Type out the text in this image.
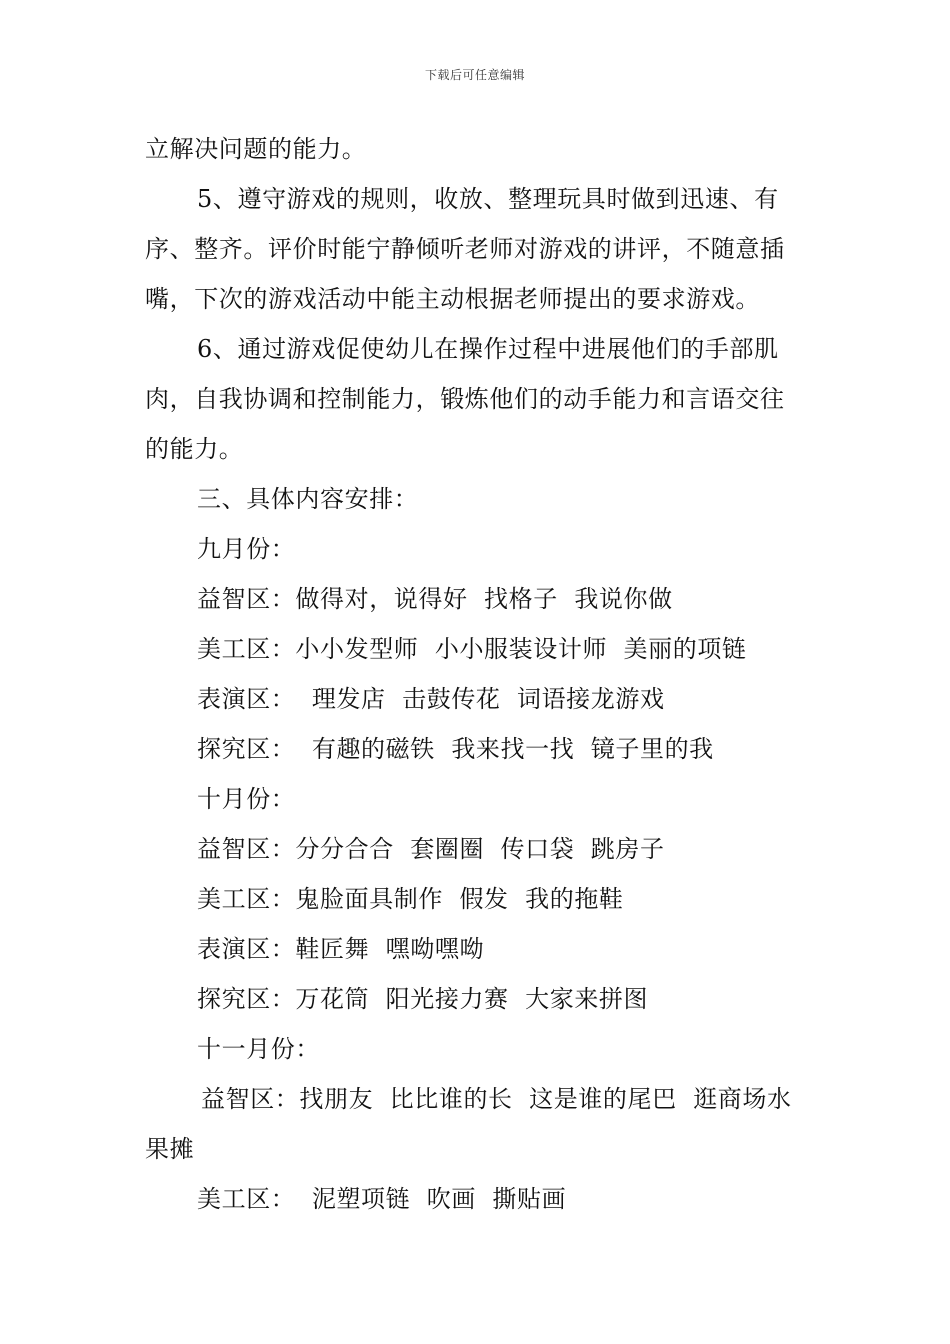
下载后可任意编辑

立解决问题的能力。

5、遵守游戏的规则，收放、整理玩具时做到迅速、有序、整齐。评价时能宁静倾听老师对游戏的讲评，不随意插嘴，下次的游戏活动中能主动根据老师提出的要求游戏。

6、通过游戏促使幼儿在操作过程中进展他们的手部肌肉，自我协调和控制能力，锻炼他们的动手能力和言语交往的能力。

三、具体内容安排：

九月份：

益智区：做得对，说得好  找格子  我说你做

美工区：小小发型师  小小服装设计师  美丽的项链

表演区：  理发店  击鼓传花  词语接龙游戏

探究区：  有趣的磁铁  我来找一找  镜子里的我

十月份：

益智区：分分合合  套圈圈  传口袋  跳房子

美工区：鬼脸面具制作  假发  我的拖鞋

表演区：鞋匠舞  嘿呦嘿呦

探究区：万花筒  阳光接力赛  大家来拼图

十一月份：

益智区：找朋友  比比谁的长  这是谁的尾巴  逛商场水果摊

美工区：  泥塑项链  吹画  撕贴画
